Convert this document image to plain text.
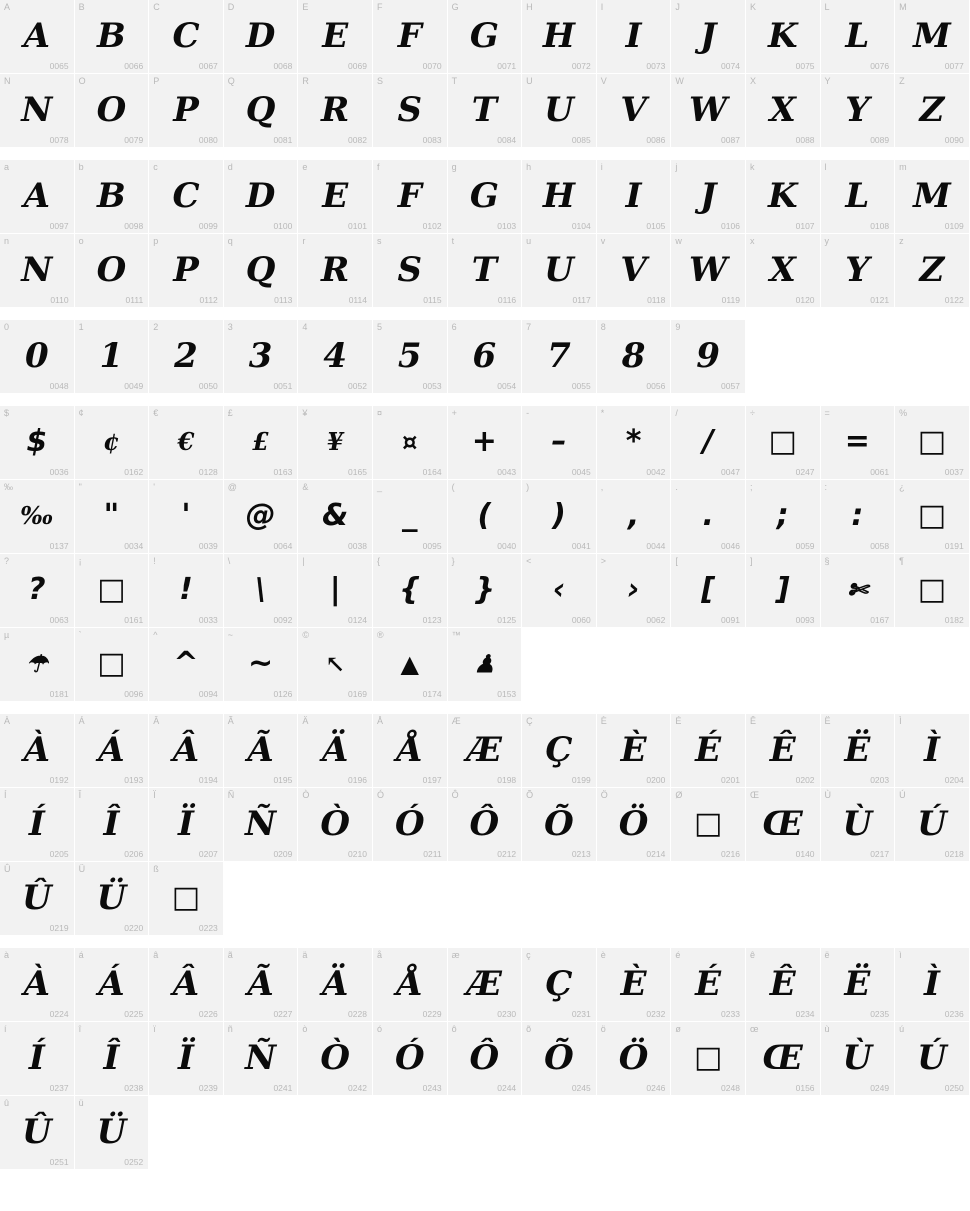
A
A
0065
B
B
0066
C
C
0067
D
D
0068
E
E
0069
F
F
0070
G
G
0071
H
H
0072
I
I
0073
J
J
0074
K
K
0075
L
L
0076
M
M
0077
N
N
0078
O
O
0079
P
P
0080
Q
Q
0081
R
R
0082
S
S
0083
T
T
0084
U
U
0085
V
V
0086
W
W
0087
X
X
0088
Y
Y
0089
Z
Z
0090
a
A
0097
b
B
0098
c
C
0099
d
D
0100
e
E
0101
f
F
0102
g
G
0103
h
H
0104
i
I
0105
j
J
0106
k
K
0107
l
L
0108
m
M
0109
n
N
0110
o
O
0111
p
P
0112
q
Q
0113
r
R
0114
s
S
0115
t
T
0116
u
U
0117
v
V
0118
w
W
0119
x
X
0120
y
Y
0121
z
Z
0122
0
0
0048
1
1
0049
2
2
0050
3
3
0051
4
4
0052
5
5
0053
6
6
0054
7
7
0055
8
8
0056
9
9
0057
$
$
0036
¢
¢
0162
€
€
0128
£
£
0163
¥
¥
0165
¤
¤
0164
+
+
0043
-
–
0045
*
*
0042
/
/
0047
÷
□
0247
=
=
0061
%
□
0037
‰
‰
0137
"
"
0034
'
'
0039
@
@
0064
&
&
0038
_
_
0095
(
(
0040
)
)
0041
,
,
0044
.
.
0046
;
;
0059
:
:
0058
¿
□
0191
?
?
0063
¡
□
0161
!
!
0033
\
\
0092
|
|
0124
{
{
0123
}
}
0125
<
‹
0060
>
›
0062
[
[
0091
]
]
0093
§
✄
0167
¶
□
0182
µ
☂
0181
`
□
0096
^
^
0094
~
~
0126
©
↖
0169
®
▲
0174
™
♟
0153
À
À
0192
Á
Á
0193
Â
Â
0194
Ã
Ã
0195
Ä
Ä
0196
Å
Å
0197
Æ
Æ
0198
Ç
Ç
0199
È
È
0200
É
É
0201
Ê
Ê
0202
Ë
Ë
0203
Ì
Ì
0204
Í
Í
0205
Î
Î
0206
Ï
Ï
0207
Ñ
Ñ
0209
Ò
Ò
0210
Ó
Ó
0211
Ô
Ô
0212
Õ
Õ
0213
Ö
Ö
0214
Ø
□
0216
Œ
Œ
0140
Ù
Ù
0217
Ú
Ú
0218
Û
Û
0219
Ü
Ü
0220
ß
□
0223
à
À
0224
á
Á
0225
â
Â
0226
ã
Ã
0227
ä
Ä
0228
å
Å
0229
æ
Æ
0230
ç
Ç
0231
è
È
0232
é
É
0233
ê
Ê
0234
ë
Ë
0235
ì
Ì
0236
í
Í
0237
î
Î
0238
ï
Ï
0239
ñ
Ñ
0241
ò
Ò
0242
ó
Ó
0243
ô
Ô
0244
õ
Õ
0245
ö
Ö
0246
ø
□
0248
œ
Œ
0156
ù
Ù
0249
ú
Ú
0250
û
Û
0251
ü
Ü
0252
